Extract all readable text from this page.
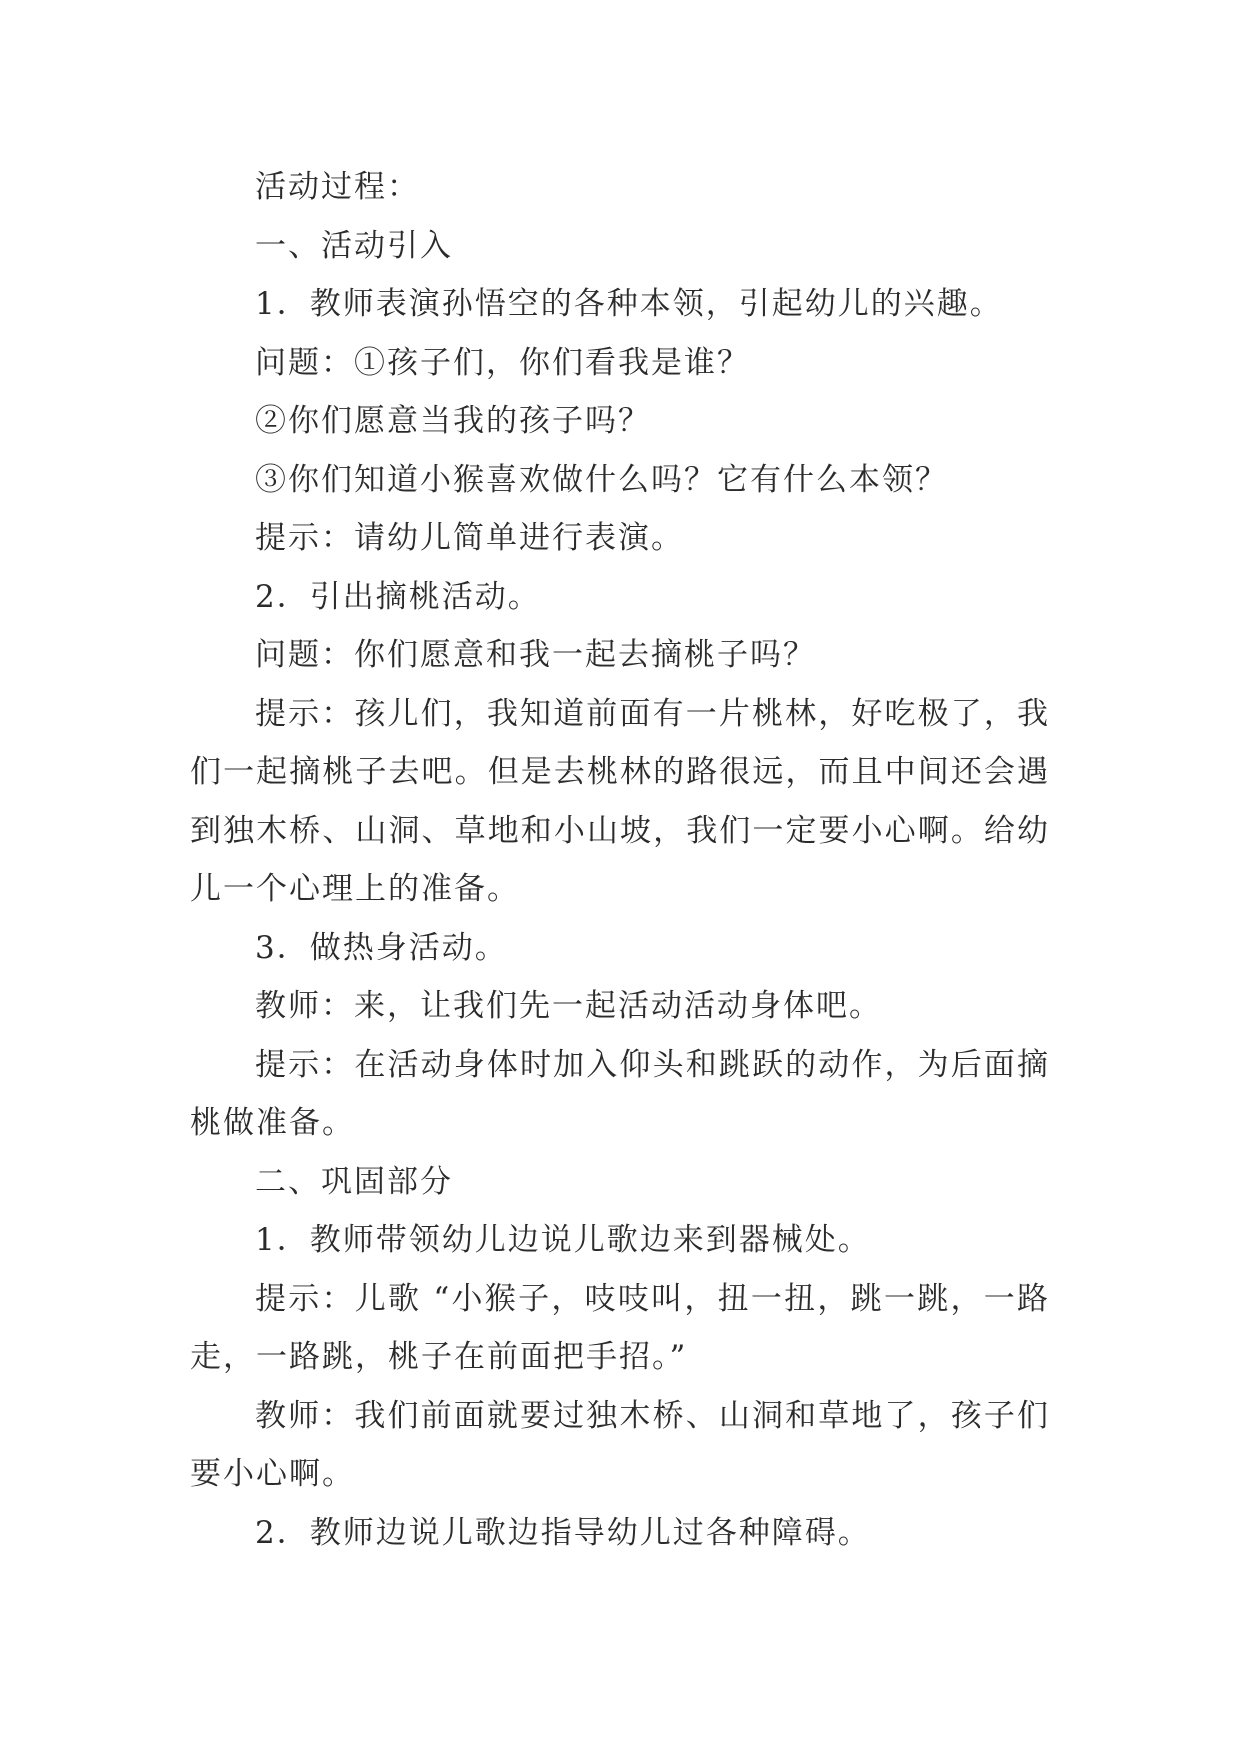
活动过程：

一、活动引入

1．教师表演孙悟空的各种本领，引起幼儿的兴趣。

问题：①孩子们，你们看我是谁？

②你们愿意当我的孩子吗？

③你们知道小猴喜欢做什么吗？它有什么本领？

提示：请幼儿简单进行表演。

2．引出摘桃活动。

问题：你们愿意和我一起去摘桃子吗？

提示：孩儿们，我知道前面有一片桃林，好吃极了，我们一起摘桃子去吧。但是去桃林的路很远，而且中间还会遇到独木桥、山洞、草地和小山坡，我们一定要小心啊。给幼儿一个心理上的准备。

3．做热身活动。

教师：来，让我们先一起活动活动身体吧。

提示：在活动身体时加入仰头和跳跃的动作，为后面摘桃做准备。

二、巩固部分

1．教师带领幼儿边说儿歌边来到器械处。

提示：儿歌 “小猴子，吱吱叫，扭一扭，跳一跳，一路走，一路跳，桃子在前面把手招。”

教师：我们前面就要过独木桥、山洞和草地了，孩子们要小心啊。

2．教师边说儿歌边指导幼儿过各种障碍。
